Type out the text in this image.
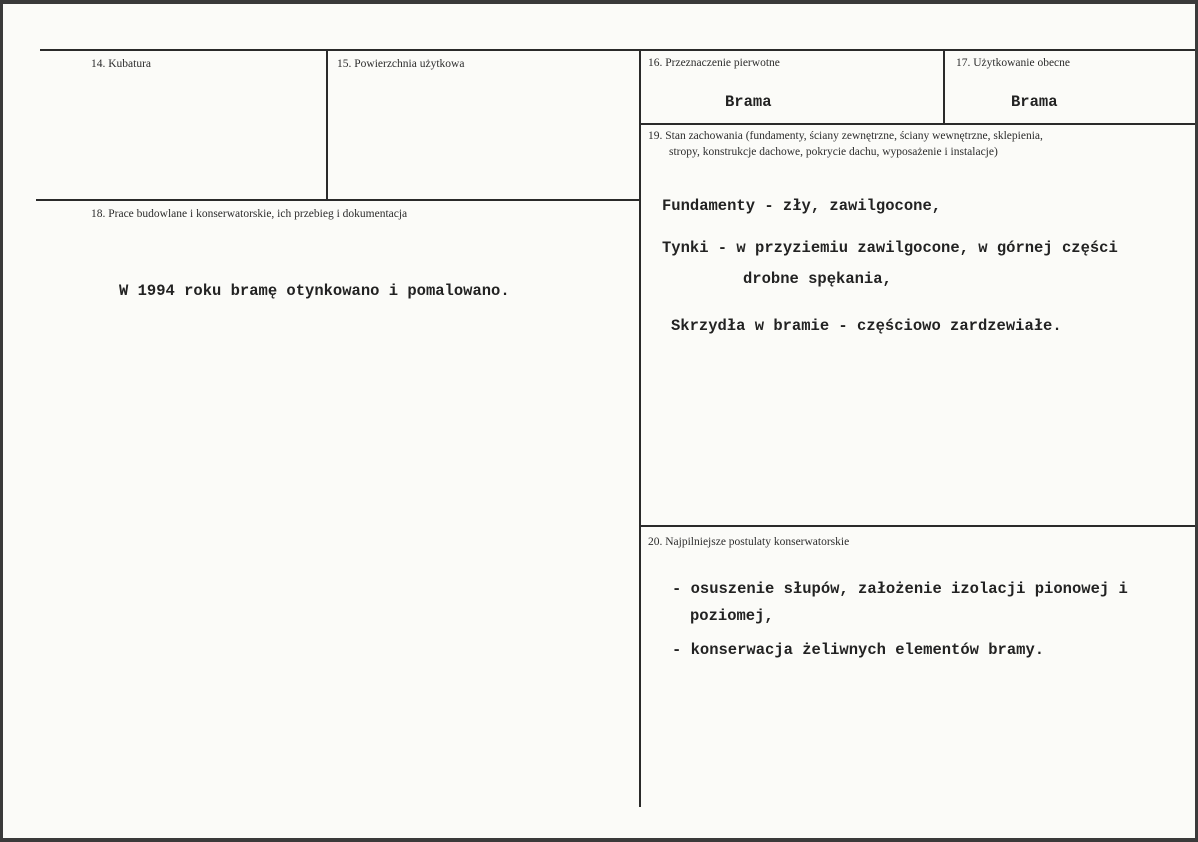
14. Kubatura	15. Powierzchnia użytkowa	16. Przeznaczenie pierwotne
Brama
17. Użytkowanie obecne
Brama
18. Prace budowlane i konserwatorskie, ich przebieg i dokumentacja
W 1994 roku bramę otynkowano i pomalowano.
19. Stan zachowania (fundamenty, ściany zewnętrzne, ściany wewnętrzne, sklepienia,
stropy, konstrukcje dachowe, pokrycie dachu, wyposażenie i instalacje)
Fundamenty - zły, zawilgocone,
Tynki - w przyziemiu zawilgocone, w górnej części
drobne spękania,
Skrzydła w bramie - częściowo zardzewiałe.
20. Najpilniejsze postulaty konserwatorskie
- osuszenie słupów, założenie izolacji pionowej i
poziomej,
- konserwacja żeliwnych elementów bramy.
